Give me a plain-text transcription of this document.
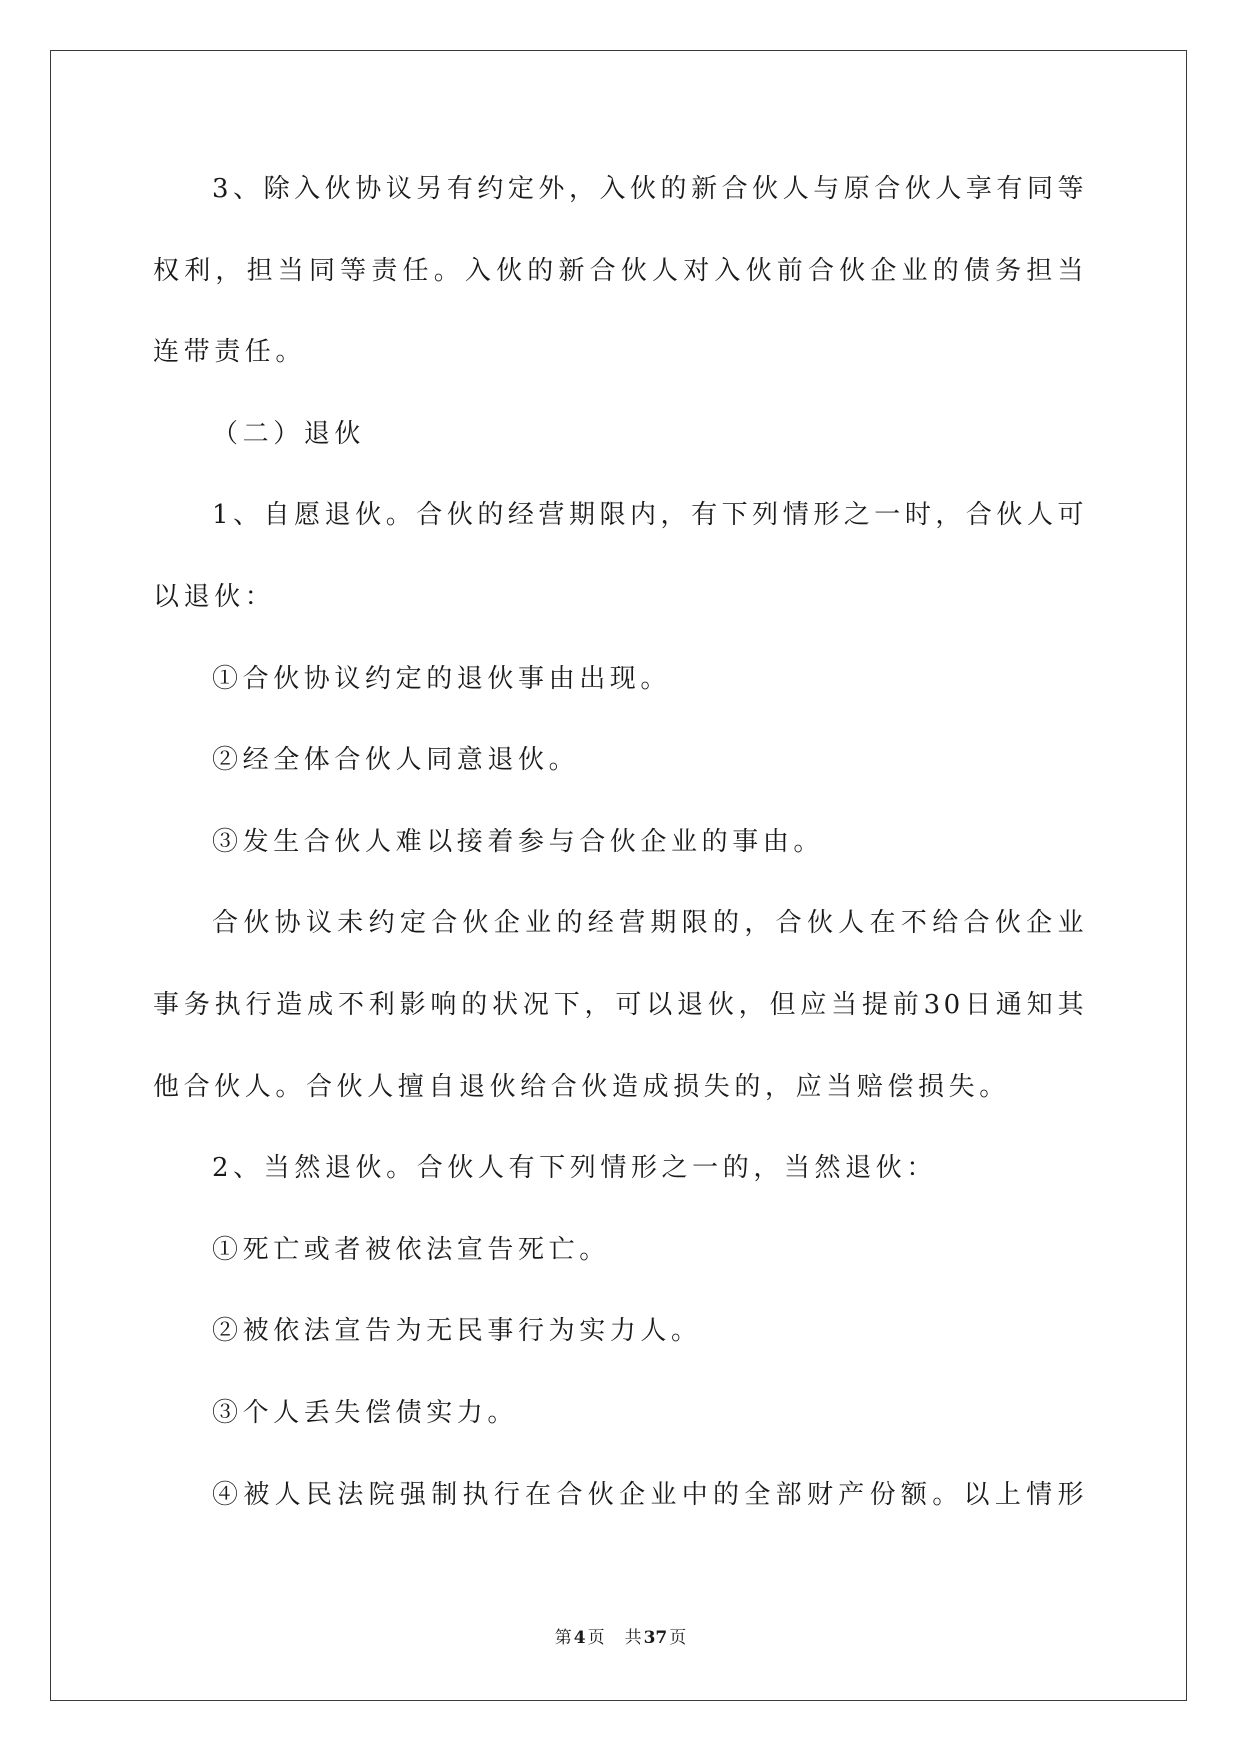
3、除入伙协议另有约定外，入伙的新合伙人与原合伙人享有同等
权利，担当同等责任。入伙的新合伙人对入伙前合伙企业的债务担当
连带责任。
（二）退伙
1、自愿退伙。合伙的经营期限内，有下列情形之一时，合伙人可
以退伙：
①合伙协议约定的退伙事由出现。
②经全体合伙人同意退伙。
③发生合伙人难以接着参与合伙企业的事由。
合伙协议未约定合伙企业的经营期限的，合伙人在不给合伙企业
事务执行造成不利影响的状况下，可以退伙，但应当提前30日通知其
他合伙人。合伙人擅自退伙给合伙造成损失的，应当赔偿损失。
2、当然退伙。合伙人有下列情形之一的，当然退伙：
①死亡或者被依法宣告死亡。
②被依法宣告为无民事行为实力人。
③个人丢失偿债实力。
④被人民法院强制执行在合伙企业中的全部财产份额。以上情形
第 4 页 共 37 页
